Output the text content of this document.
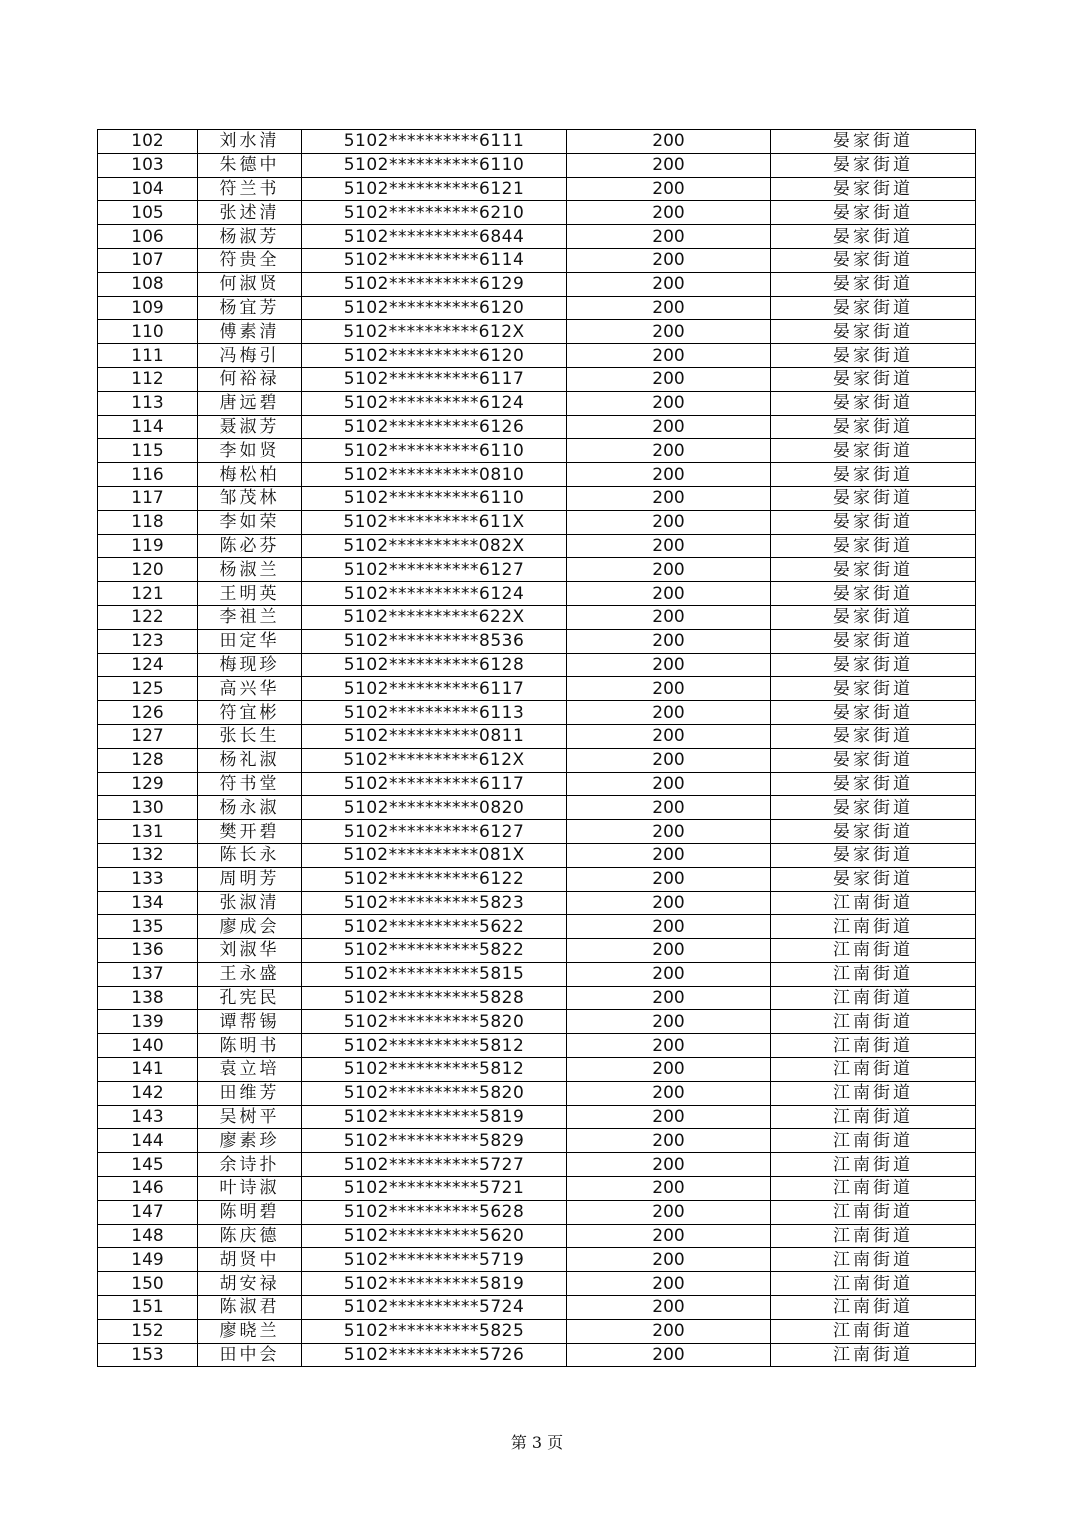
102	刘水清	5102**********6111	200	晏家街道
103	朱德中	5102**********6110	200	晏家街道
104	符兰书	5102**********6121	200	晏家街道
105	张述清	5102**********6210	200	晏家街道
106	杨淑芳	5102**********6844	200	晏家街道
107	符贵全	5102**********6114	200	晏家街道
108	何淑贤	5102**********6129	200	晏家街道
109	杨宜芳	5102**********6120	200	晏家街道
110	傅素清	5102**********612X	200	晏家街道
111	冯梅引	5102**********6120	200	晏家街道
112	何裕禄	5102**********6117	200	晏家街道
113	唐远碧	5102**********6124	200	晏家街道
114	聂淑芳	5102**********6126	200	晏家街道
115	李如贤	5102**********6110	200	晏家街道
116	梅松柏	5102**********0810	200	晏家街道
117	邹茂林	5102**********6110	200	晏家街道
118	李如荣	5102**********611X	200	晏家街道
119	陈必芬	5102**********082X	200	晏家街道
120	杨淑兰	5102**********6127	200	晏家街道
121	王明英	5102**********6124	200	晏家街道
122	李祖兰	5102**********622X	200	晏家街道
123	田定华	5102**********8536	200	晏家街道
124	梅现珍	5102**********6128	200	晏家街道
125	高兴华	5102**********6117	200	晏家街道
126	符宜彬	5102**********6113	200	晏家街道
127	张长生	5102**********0811	200	晏家街道
128	杨礼淑	5102**********612X	200	晏家街道
129	符书堂	5102**********6117	200	晏家街道
130	杨永淑	5102**********0820	200	晏家街道
131	樊开碧	5102**********6127	200	晏家街道
132	陈长永	5102**********081X	200	晏家街道
133	周明芳	5102**********6122	200	晏家街道
134	张淑清	5102**********5823	200	江南街道
135	廖成会	5102**********5622	200	江南街道
136	刘淑华	5102**********5822	200	江南街道
137	王永盛	5102**********5815	200	江南街道
138	孔宪民	5102**********5828	200	江南街道
139	谭帮锡	5102**********5820	200	江南街道
140	陈明书	5102**********5812	200	江南街道
141	袁立培	5102**********5812	200	江南街道
142	田维芳	5102**********5820	200	江南街道
143	吴树平	5102**********5819	200	江南街道
144	廖素珍	5102**********5829	200	江南街道
145	余诗扑	5102**********5727	200	江南街道
146	叶诗淑	5102**********5721	200	江南街道
147	陈明碧	5102**********5628	200	江南街道
148	陈庆德	5102**********5620	200	江南街道
149	胡贤中	5102**********5719	200	江南街道
150	胡安禄	5102**********5819	200	江南街道
151	陈淑君	5102**********5724	200	江南街道
152	廖晓兰	5102**********5825	200	江南街道
153	田中会	5102**********5726	200	江南街道
第 3 页
